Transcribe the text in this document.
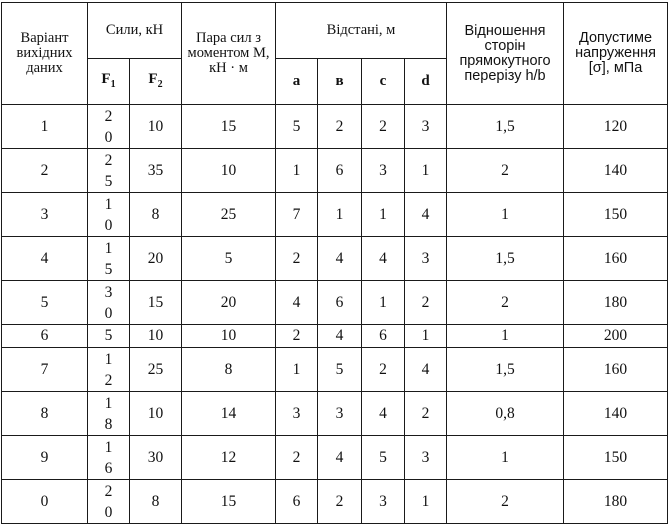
Варіант вихідних даних	Сили, кН		Пара сил з моментом М, кН · м	Відстані, м				Відношення сторін прямокутного перерізу h/b	Допустиме напруження [σ], мПа
	$F_1$	$F_2$		a	в	c	d		
1	20	10	15	5	2	2	3	1,5	120
2	25	35	10	1	6	3	1	2	140
3	10	8	25	7	1	1	4	1	150
4	15	20	5	2	4	4	3	1,5	160
5	30	15	20	4	6	1	2	2	180
6	5	10	10	2	4	6	1	1	200
7	12	25	8	1	5	2	4	1,5	160
8	18	10	14	3	3	4	2	0,8	140
9	16	30	12	2	4	5	3	1	150
0	20	8	15	6	2	3	1	2	180
